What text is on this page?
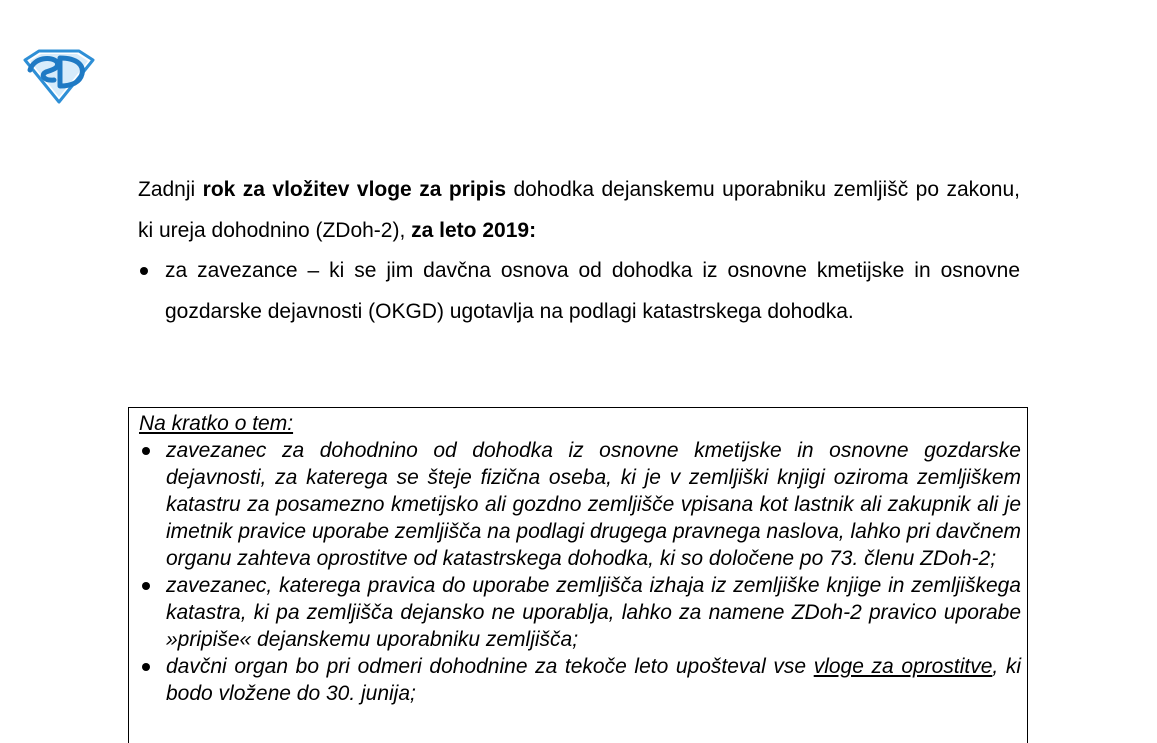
Zadnji rok za vložitev vloge za pripis dohodka dejanskemu uporabniku zemljišč po zakonu, ki ureja dohodnino (ZDoh-2), za leto 2019:

za zavezance – ki se jim davčna osnova od dohodka iz osnovne kmetijske in osnovne gozdarske dejavnosti (OKGD) ugotavlja na podlagi katastrskega dohodka.

Na kratko o tem:

zavezanec za dohodnino od dohodka iz osnovne kmetijske in osnovne gozdarske dejavnosti, za katerega se šteje fizična oseba, ki je v zemljiški knjigi oziroma zemljiškem katastru za posamezno kmetijsko ali gozdno zemljišče vpisana kot lastnik ali zakupnik ali je imetnik pravice uporabe zemljišča na podlagi drugega pravnega naslova, lahko pri davčnem organu zahteva oprostitve od katastrskega dohodka, ki so določene po 73. členu ZDoh-2;
zavezanec, katerega pravica do uporabe zemljišča izhaja iz zemljiške knjige in zemljiškega katastra, ki pa zemljišča dejansko ne uporablja, lahko za namene ZDoh-2 pravico uporabe »pripiše« dejanskemu uporabniku zemljišča;
davčni organ bo pri odmeri dohodnine za tekoče leto upošteval vse vloge za oprostitve, ki bodo vložene do 30. junija;
